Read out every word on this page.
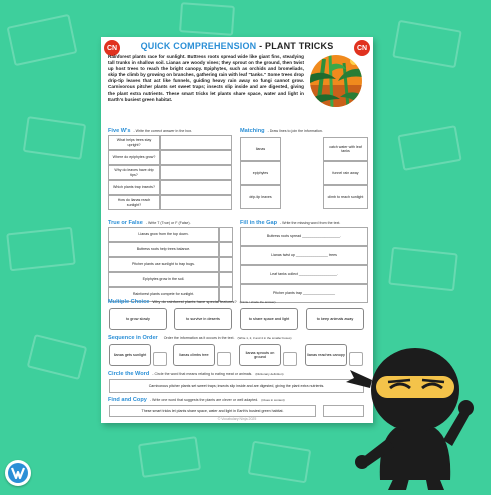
CN	CN
QUICK COMPREHENSION - PLANT TRICKS
Rainforest plants race for sunlight. Buttress roots spread wide like giant fins, steadying tall trunks in shallow soil. Lianas are woody vines; they sprout on the ground, then twist up host trees to reach the bright canopy. Epiphytes, such as orchids and bromeliads, skip the climb by growing on branches, gathering rain with leaf "tanks." Some trees drop drip-tip leaves that act like funnels, guiding heavy rain away so fungi cannot grow. Carnivorous pitcher plants set sweet traps; insects slip inside and are digested, giving the plant extra nutrients. These smart tricks let plants share space, water and light in Earth's busiest green habitat.
Five W's - Write the correct answer in the box.
What helps trees stay upright?
Where do epiphytes grow?
Why do leaves have drip tips?
Which plants trap insects?
How do lianas reach sunlight?
Matching - Draw lines to join the information.
lianas
epiphytes
drip-tip leaves
catch water with leaf tanks
funnel rain away
climb to reach sunlight
True or False - Write T (True) or F (False).
Lianas grow from the top down.
Buttress roots help trees balance.
Pitcher plants use sunlight to trap bugs.
Epiphytes grow in the soil.
Rainforest plants compete for sunlight.
Fill in the Gap - Write the missing word from the text.
Buttress roots spread ___________________.
Lianas twist up ________________ trees
Leaf tanks collect ___________________.
Pitcher plants trap ________________
Multiple Choice Why do rainforest plants have special features? (Circle / shade the answer)
to grow slowly	to survive in deserts	to share space and light	to keep animals away
Sequence in Order Order the information as it occurs in the text. (Write 1, 2, 3 and 4 in the smaller boxes)
lianas gets sunlight	lianas climbs tree
lianas sprouts on ground
lianas reaches canopy
Circle the Word - Circle the word that means relating to eating meat or animals. (Dictionary definition)
Carnivorous pitcher plants set sweet traps; insects slip inside and are digested, giving the plant extra nutrients.
Find and Copy - Write one word that suggests the plants are clever or well adapted. (Clues in context)
These smart tricks let plants share space, water and light in Earth's busiest green habitat.
© Vocabulary Ninja 2025
